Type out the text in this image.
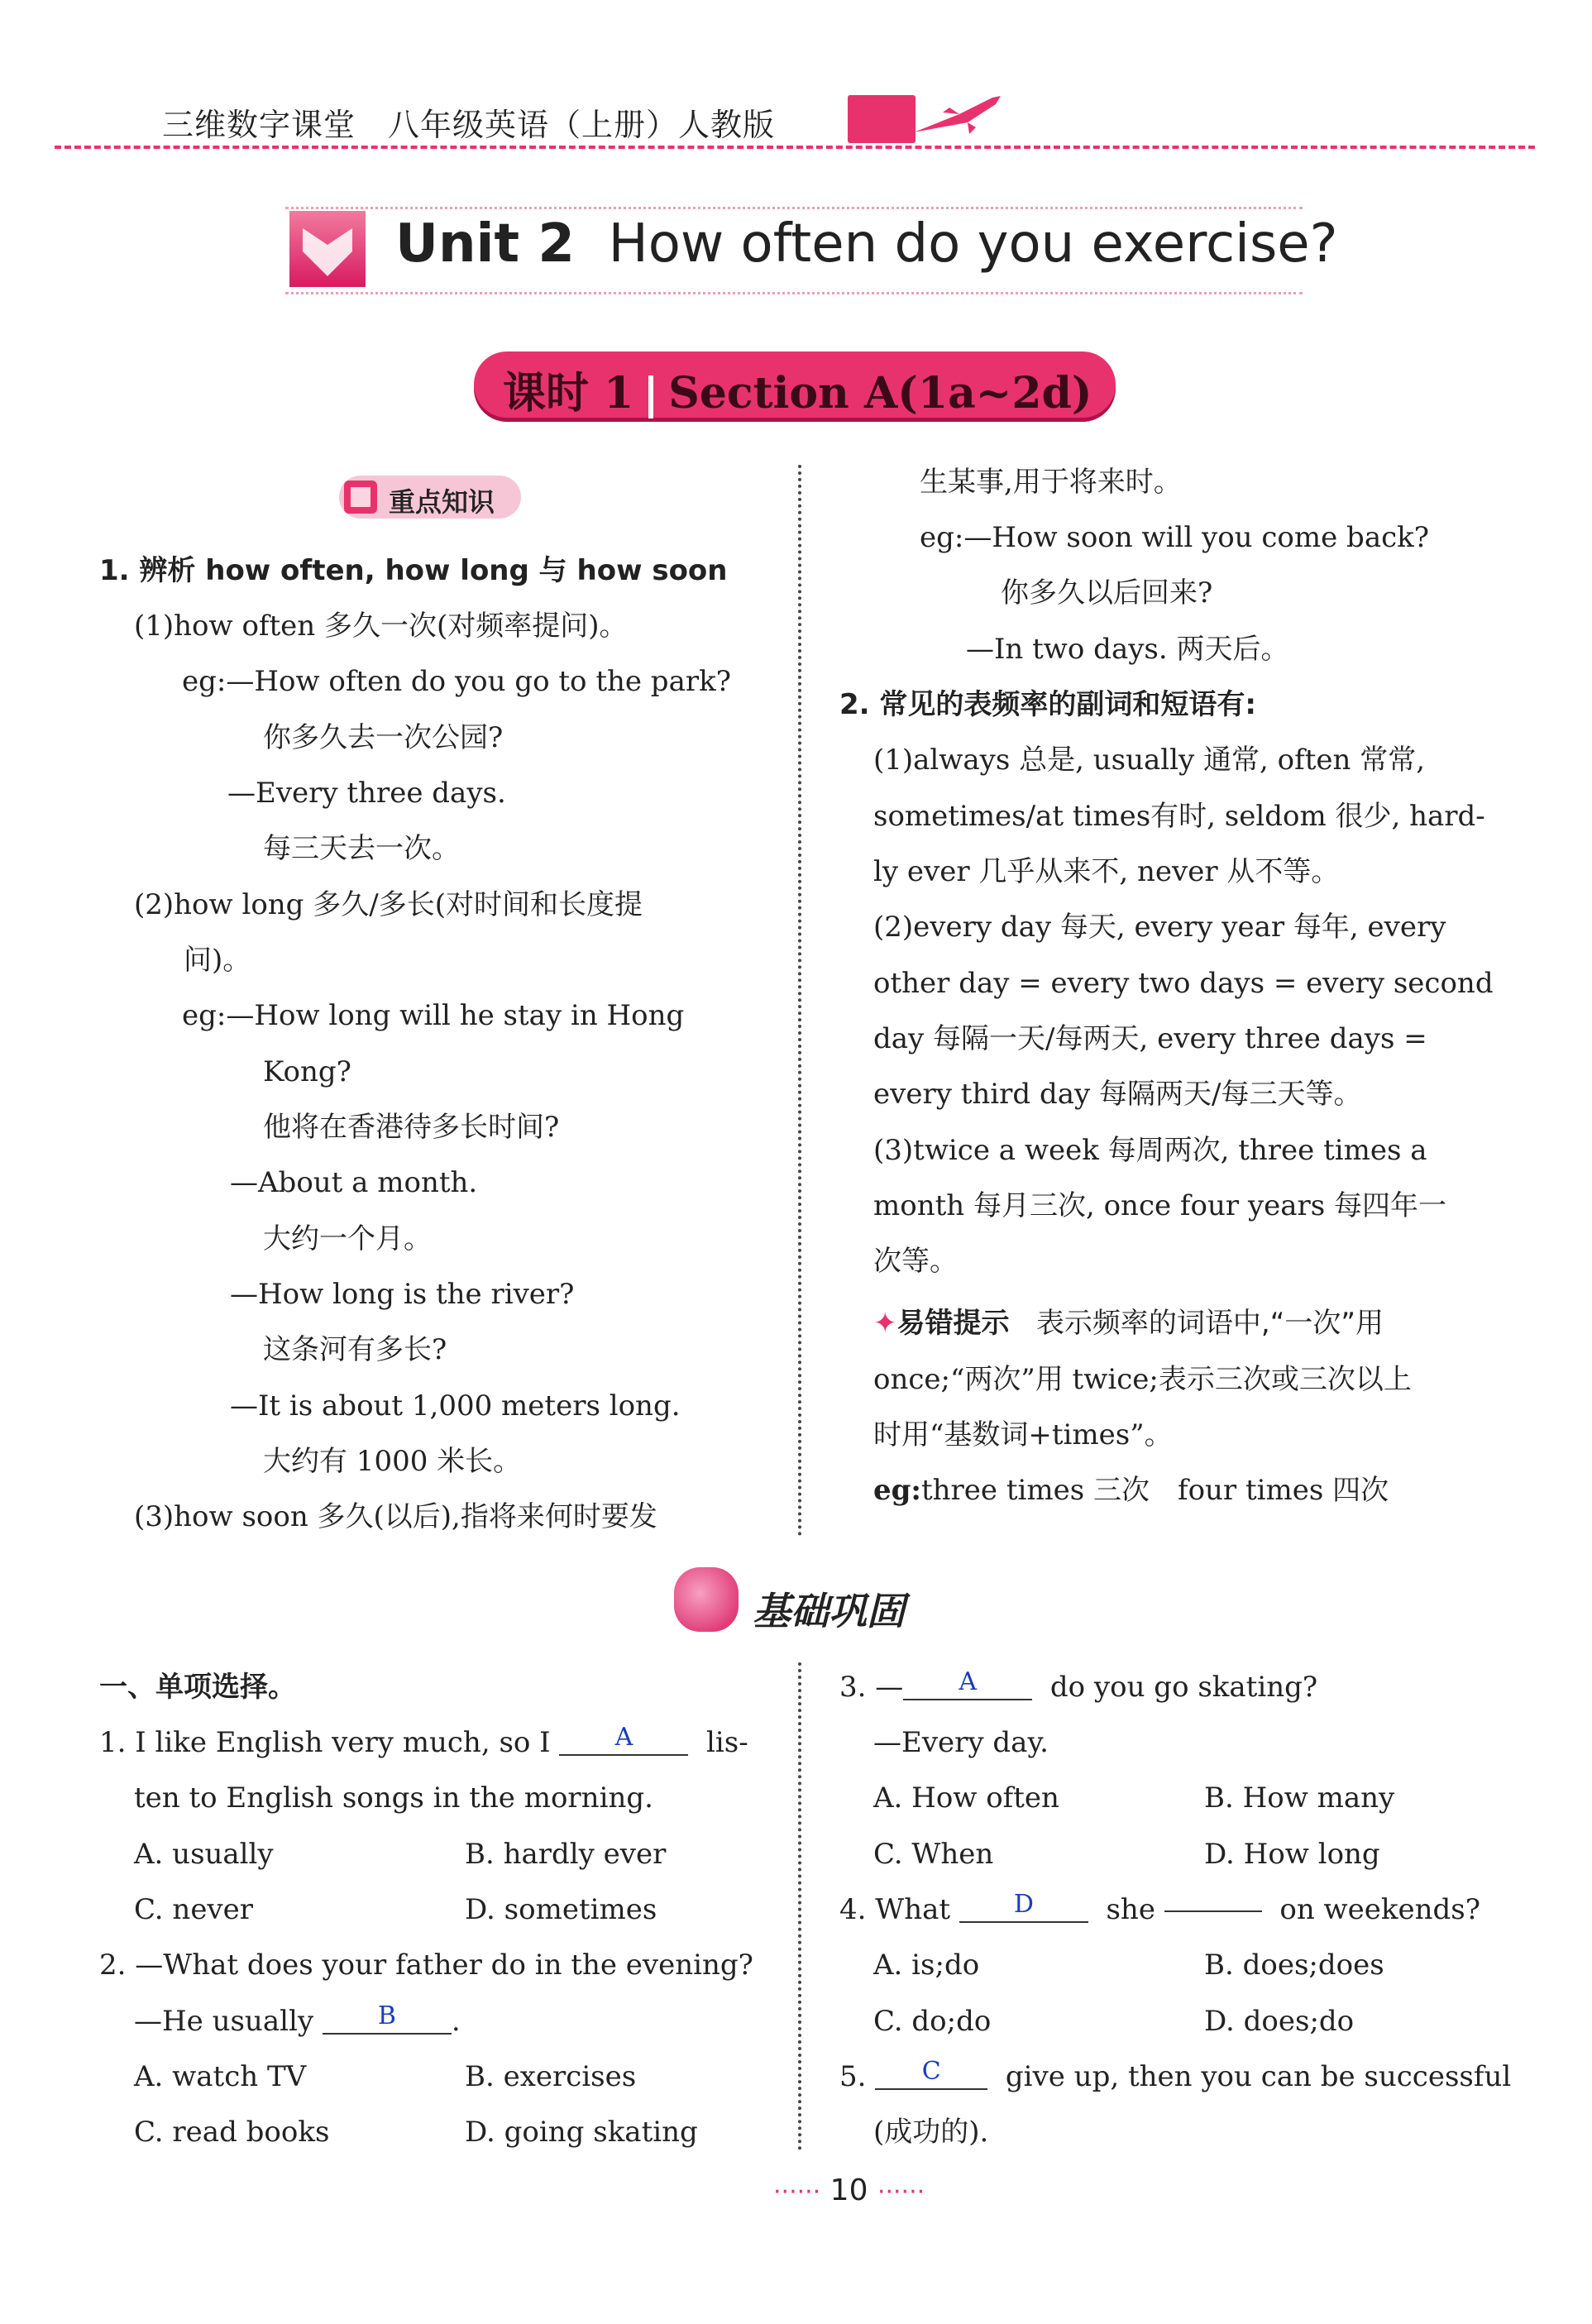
三维数字课堂　八年级英语（上册）人教版
Unit 2 How often do you exercise?
课时 1 Section A(1a~2d)
重点知识
1. 辨析 how often, how long 与 how soon
(1)how often 多久一次(对频率提问)。
eg:—How often do you go to the park?
你多久去一次公园?
—Every three days.
每三天去一次。
(2)how long 多久/多长(对时间和长度提
问)。
eg:—How long will he stay in Hong
Kong?
他将在香港待多长时间?
—About a month.
大约一个月。
—How long is the river?
这条河有多长?
—It is about 1,000 meters long.
大约有 1000 米长。
(3)how soon 多久(以后),指将来何时要发
生某事,用于将来时。
eg:—How soon will you come back?
你多久以后回来?
—In two days. 两天后。
2. 常见的表频率的副词和短语有:
(1)always 总是, usually 通常, often 常常,
sometimes/at times有时, seldom 很少, hard-
ly ever 几乎从来不, never 从不等。
(2)every day 每天, every year 每年, every
other day = every two days = every second
day 每隔一天/每两天, every three days =
every third day 每隔两天/每三天等。
(3)twice a week 每周两次, three times a
month 每月三次, once four years 每四年一
次等。
✦易错提示 表示频率的词语中,“一次”用
once;“两次”用 twice;表示三次或三次以上
时用“基数词+times”。
eg:three times 三次　four times 四次
基础巩固
一、单项选择。
1. I like English very much, so I	A	lis-
ten to English songs in the morning.
A. usually	B. hardly ever
C. never	D. sometimes
2. —What does your father do in the evening?
—He usually	B .
A. watch TV	B. exercises
C. read books	D. going skating
3. — A	do you go skating?
—Every day.
A. How often	B. How many
C. When	D. How long
4. What	D	she	on weekends?
A. is;do	B. does;does
C. do;do	D. does;do
5. C give up, then you can be successful
(成功的).
······ 10 ······
